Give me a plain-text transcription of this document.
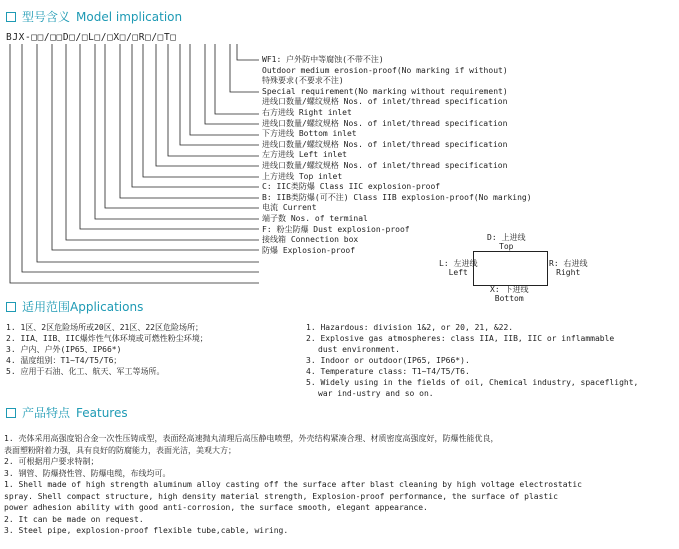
型号含义 Model implication
BJX-□□/□□D□/□L□/□X□/□R□/□T□
WF1: 户外防中等腐蚀(不带不注)
Outdoor medium erosion-proof(No marking if without)
特殊要求(不要求不注)
Special requirement(No marking without requirement)
进线口数量/螺纹规格 Nos. of inlet/thread specification
右方进线 Right inlet
进线口数量/螺纹规格 Nos. of inlet/thread specification
下方进线 Bottom inlet
进线口数量/螺纹规格 Nos. of inlet/thread specification
左方进线 Left inlet
进线口数量/螺纹规格 Nos. of inlet/thread specification
上方进线 Top inlet
C: IIC类防爆 Class IIC explosion-proof
B: IIB类防爆(可不注) Class IIB explosion-proof(No marking)
电流 Current
端子数 Nos. of terminal
F: 粉尘防爆 Dust explosion-proof
接线箱 Connection box
防爆 Explosion-proof
D: 上进线
Top
L: 左进线
Left
R: 右进线
Right
X: 下进线
Bottom
适用范围 Applications
1. 1区、2区危险场所或20区、21区、22区危险场所；
2. IIA、IIB、IIC爆炸性气体环境或可燃性粉尘环境；
3. 户内、户外(IP65、IP66*)
4. 温度组别：T1~T4/T5/T6；
5. 应用于石油、化工、航天、军工等场所。
1. Hazardous: division 1&2, or 20, 21, &22.
2. Explosive gas atmospheres: class IIA, IIB, IIC or inflammable
dust environment.
3. Indoor or outdoor(IP65, IP66*).
4. Temperature class: T1~T4/T5/T6.
5. Widely using in the fields of oil, Chemical industry, spaceflight,
war ind-ustry and so on.
产品特点 Features
1. 壳体采用高强度铝合金一次性压铸成型，表面经高速抛丸清理后高压静电喷塑，外壳结构紧凑合理、材质密度高强度好，防爆性能优良，
表面塑粉附着力强，具有良好的防腐能力，表面光洁，美观大方；
2. 可根据用户要求特制；
3. 钢管、防爆挠性管、防爆电缆，布线均可。
1. Shell made of high strength aluminum alloy casting off the surface after blast cleaning by high voltage electrostatic
spray. Shell compact structure, high density material strength, Explosion-proof performance, the surface of plastic
power adhesion ability with good anti-corrosion, the surface smooth, elegant appearance.
2. It can be made on request.
3. Steel pipe, explosion-proof flexible tube,cable, wiring.
